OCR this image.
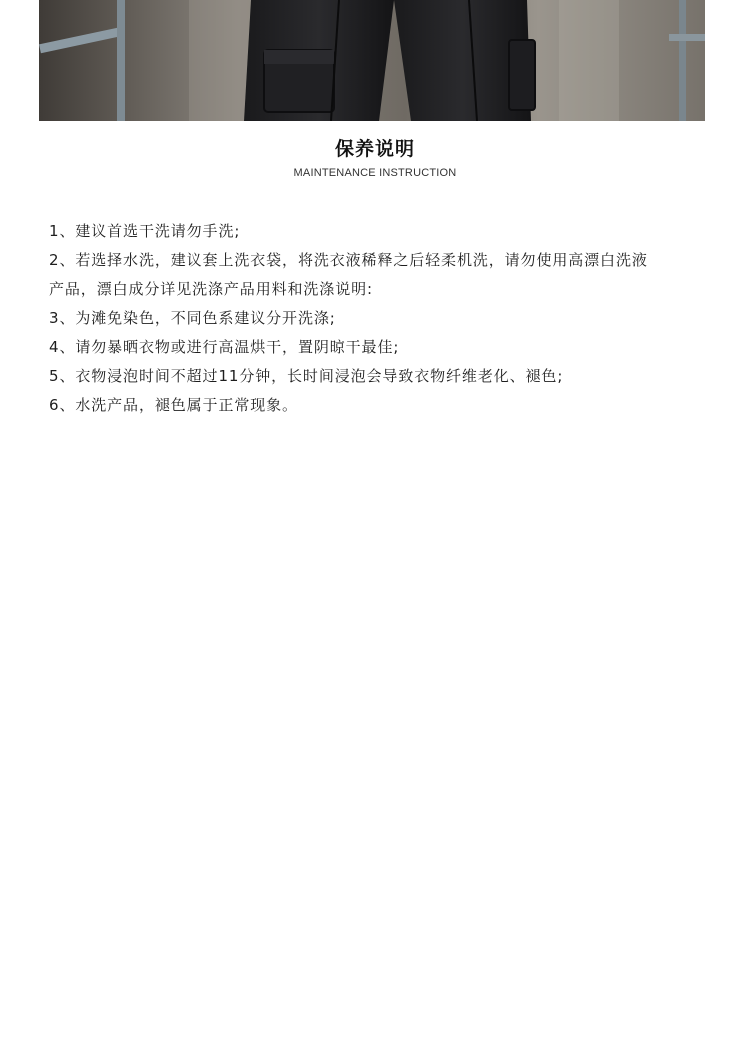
保养说明
MAINTENANCE INSTRUCTION
1、建议首选干洗请勿手洗;
2、若选择水洗，建议套上洗衣袋，将洗衣液稀释之后轻柔机洗，请勿使用高漂白洗液
产品，漂白成分详见洗涤产品用料和洗涤说明:
3、为滩免染色，不同色系建议分开洗涤;
4、请勿暴晒衣物或进行高温烘干，置阴晾干最佳;
5、衣物浸泡时间不超过11分钟，长时间浸泡会导致衣物纤维老化、褪色;
6、水洗产品，褪色属于正常现象。
